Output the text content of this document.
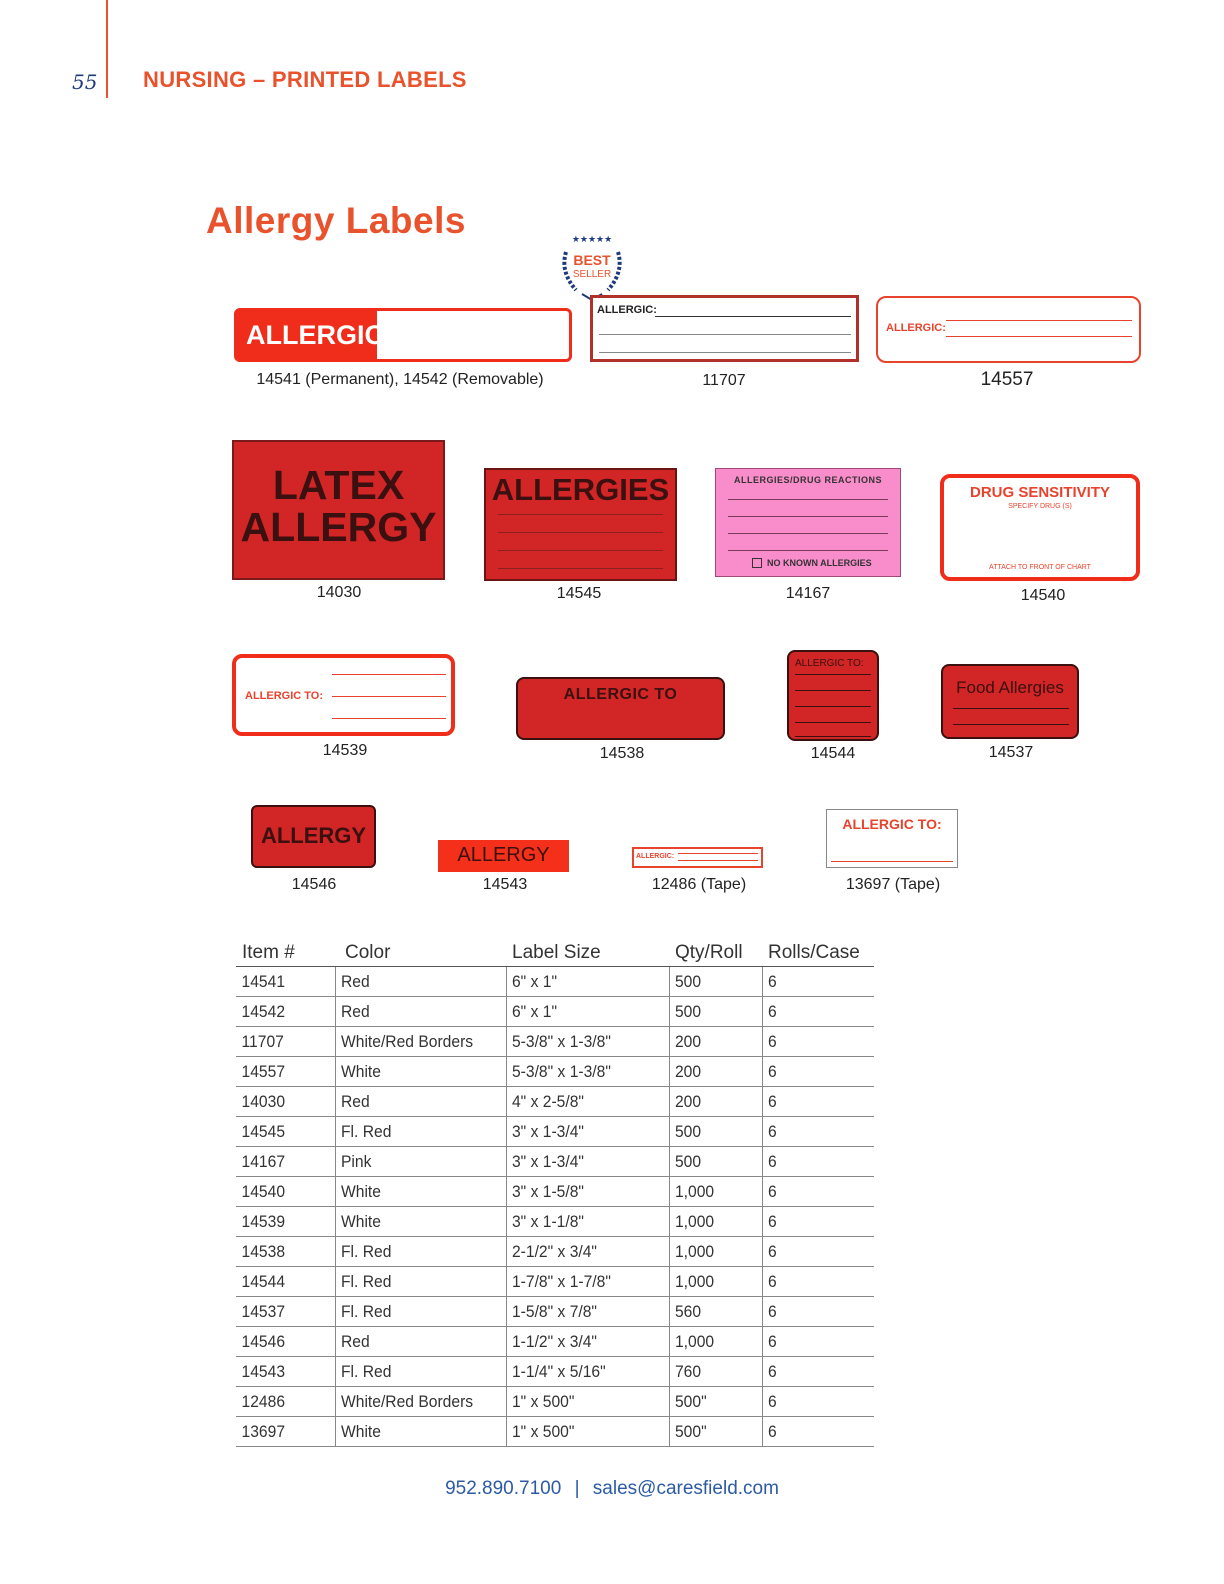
55 NURSING – PRINTED LABELS
Allergy Labels	★★★★★
BEST
SELLER
ALLERGIC
14541 (Permanent), 14542 (Removable)
ALLERGIC:
11707
ALLERGIC:
14557
LATEX
ALLERGY
14030
ALLERGIES
14545
ALLERGIES/DRUG REACTIONS
NO KNOWN ALLERGIES
14167
DRUG SENSITIVITY
SPECIFY DRUG (S)
ATTACH TO FRONT OF CHART
14540
ALLERGIC TO:
14539
ALLERGIC TO
14538
ALLERGIC TO:
14544
Food Allergies
14537
ALLERGY
14546
ALLERGY
14543
ALLERGIC:
12486 (Tape)
ALLERGIC TO:
13697 (Tape)
Item #	Color	Label Size	Qty/Roll	Rolls/Case
14541	Red	6" x 1"	500	6
14542	Red	6" x 1"	500	6
11707	White/Red Borders	5-3/8" x 1-3/8"	200	6
14557	White	5-3/8" x 1-3/8"	200	6
14030	Red	4" x 2-5/8"	200	6
14545	Fl. Red	3" x 1-3/4"	500	6
14167	Pink	3" x 1-3/4"	500	6
14540	White	3" x 1-5/8"	1,000	6
14539	White	3" x 1-1/8"	1,000	6
14538	Fl. Red	2-1/2" x 3/4"	1,000	6
14544	Fl. Red	1-7/8" x 1-7/8"	1,000	6
14537	Fl. Red	1-5/8" x 7/8"	560	6
14546	Red	1-1/2" x 3/4"	1,000	6
14543	Fl. Red	1-1/4" x 5/16"	760	6
12486	White/Red Borders	1" x 500"	500"	6
13697	White	1" x 500"	500"	6
952.890.7100 | sales@caresfield.com
